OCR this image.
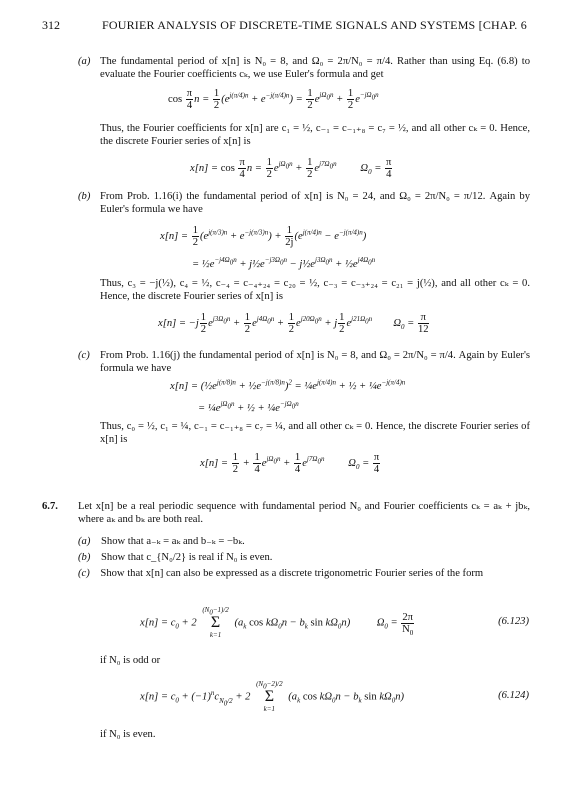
312	FOURIER ANALYSIS OF DISCRETE-TIME SIGNALS AND SYSTEMS [CHAP. 6
(a) The fundamental period of x[n] is N₀ = 8, and Ω₀ = 2π/N₀ = π/4. Rather than using Eq. (6.8) to evaluate the Fourier coefficients cₖ, we use Euler's formula and get
$\cos \frac{\pi}{4}$ $n = \frac{1}{2} (e^{j(\pi/4)n} + e^{-j(\pi/4)n}) = \frac{1}{2} e^{j\Omega_0n} + \frac{1}{2} e^{-j\Omega_0n}$
Thus, the Fourier coefficients for x[n] are c₁ = ½, c₋₁ = c₋₁₊₈ = c₇ = ½, and all other cₖ = 0. Hence, the discrete Fourier series of x[n] is
$x[n] = \cos \frac{\pi}{4}$ $n = \frac{1}{2} e^{j\Omega_0n} + \frac{1}{2} e^{j7\Omega_0n}$         $\Omega_0 = \frac{\pi}{4}$
(b) From Prob. 1.16(i) the fundamental period of x[n] is N₀ = 24, and Ω₀ = 2π/N₀ = π/12. Again by Euler's formula we have
$x[n] = \frac{1}{2} (e^{j(\pi/3)n} + e^{-j(\pi/3)n}) + \frac{1}{2j} (e^{j(\pi/4)n} - e^{-j(\pi/4)n})$
= $\frac{1}{2}e^{-j4\Omega_0n}$ + $j\frac{1}{2}e^{-j3\Omega_0n}$ − $j\frac{1}{2}e^{j3\Omega_0n}$ + $\frac{1}{2}e^{j4\Omega_0n}$
Thus, c₃ = −j(½), c₄ = ½, c₋₄ = c₋₄₊₂₄ = c₂₀ = ½, c₋₃ = c₋₃₊₂₄ = c₂₁ = j(½), and all other cₖ = 0. Hence, the discrete Fourier series of x[n] is
$x[n] = -j \frac{1}{2} e^{j3\Omega_0n} + \frac{1}{2} e^{j4\Omega_0n} + \frac{1}{2} e^{j20\Omega_0n} + j \frac{1}{2} e^{j21\Omega_0n}$        $\Omega_0 = \frac{\pi}{12}$
(c) From Prob. 1.16(j) the fundamental period of x[n] is N₀ = 8, and Ω₀ = 2π/N₀ = π/4. Again by Euler's formula we have
$x[n] = (\frac{1}{2}e^{j(\pi/8)n}$ + $\frac{1}{2}e^{-j(\pi/8)n})^2$ = $\frac{1}{4}e^{j(\pi/4)n}$ + ½ + $\frac{1}{4}e^{-j(\pi/4)n}$
= $\frac{1}{4}e^{j\Omega_0n}$ + ½ + $\frac{1}{4}e^{-j\Omega_0n}$
Thus, c₀ = ½, c₁ = ¼, c₋₁ = c₋₁₊₈ = c₇ = ¼, and all other cₖ = 0. Hence, the discrete Fourier series of x[n] is
$x[n] = \frac{1}{2} + \frac{1}{4} e^{j\Omega_0n} + \frac{1}{4} e^{j7\Omega_0n}$         $\Omega_0 = \frac{\pi}{4}$
6.7. Let x[n] be a real periodic sequence with fundamental period N₀ and Fourier coefficients cₖ = aₖ + jbₖ, where aₖ and bₖ are both real.
(a) Show that a₋ₖ = aₖ and b₋ₖ = −bₖ.
(b) Show that c_{N₀/2} is real if N₀ is even.
(c) Show that x[n] can also be expressed as a discrete trigonometric Fourier series of the form
$x[n] = c_0 + 2$
$(N_0-1)/2$
Σ
k=1
($a_k$ $\cos k\Omega_0n - b_k$ $\sin k\Omega_0n$)          $\Omega_0 = \frac{2\pi}{N_0}$	(6.123)
if N₀ is odd or
$x[n] = c_0 + (-1)^nc_{N_0/2} + 2$
$(N_0-2)/2$
Σ
k=1
($a_k$ $\cos k\Omega_0n - b_k$ $\sin k\Omega_0n$)	(6.124)
if N₀ is even.
